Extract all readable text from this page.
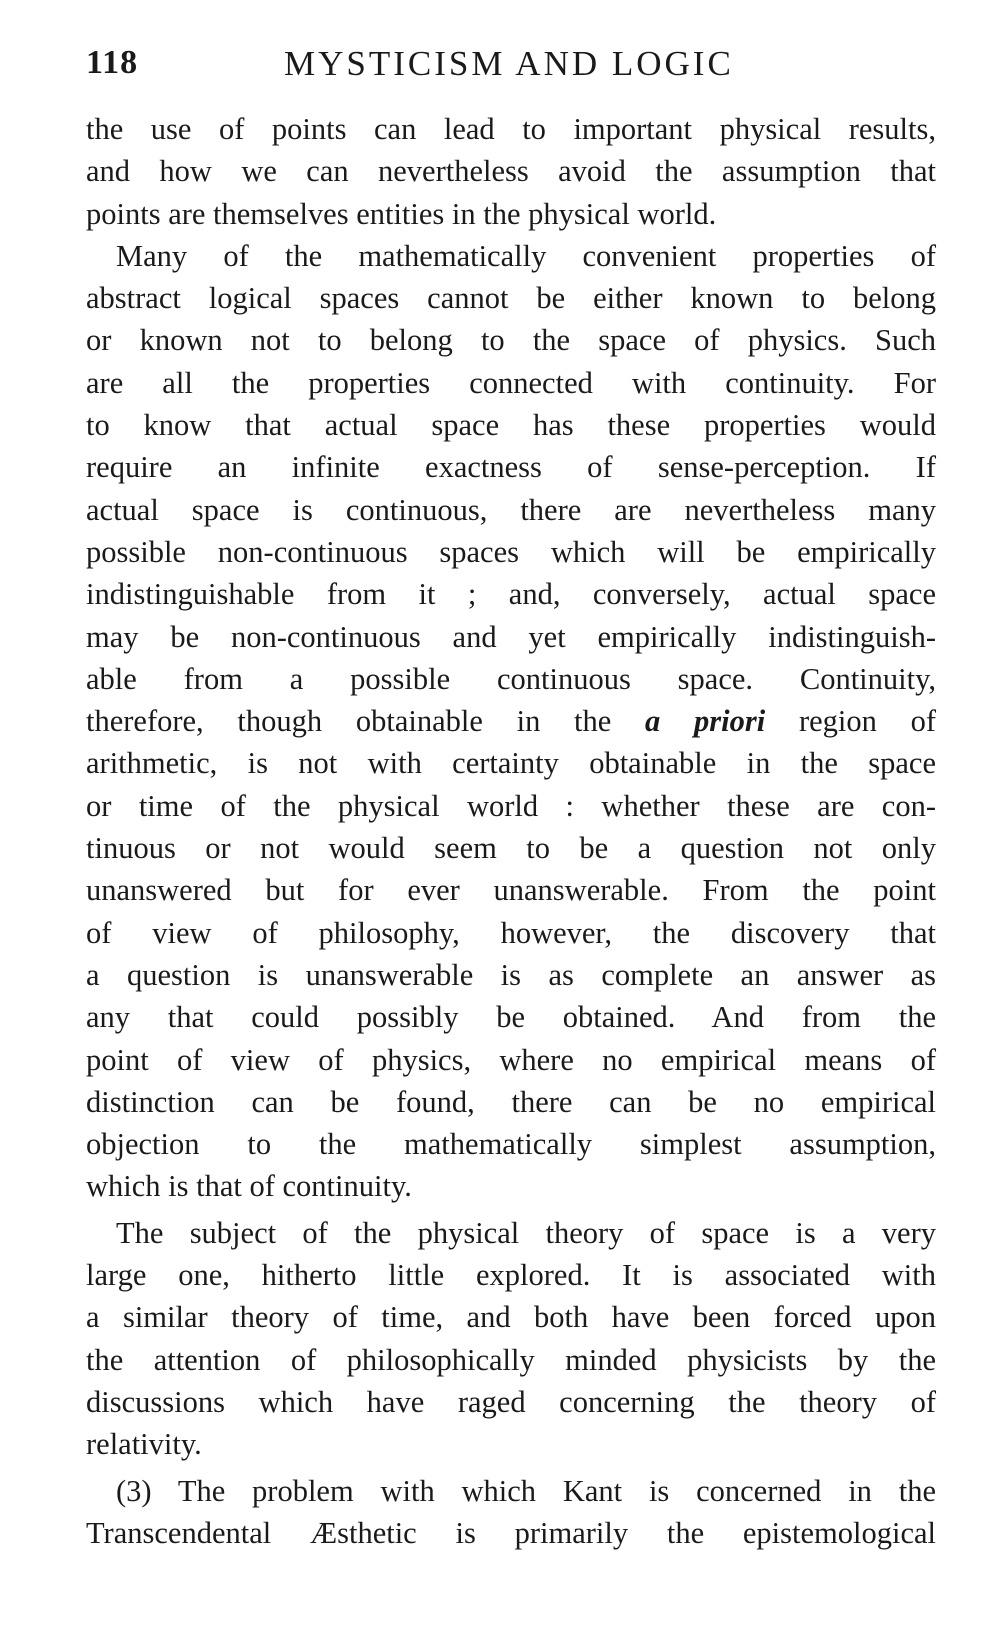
118	MYSTICISM AND LOGIC
the use of points can lead to important physical results,
and how we can nevertheless avoid the assumption that
points are themselves entities in the physical world.
Many of the mathematically convenient properties of
abstract logical spaces cannot be either known to belong
or known not to belong to the space of physics. Such
are all the properties connected with continuity. For
to know that actual space has these properties would
require an infinite exactness of sense-perception. If
actual space is continuous, there are nevertheless many
possible non-continuous spaces which will be empirically
indistinguishable from it ; and, conversely, actual space
may be non-continuous and yet empirically indistinguish-
able from a possible continuous space. Continuity,
therefore, though obtainable in the a priori region of
arithmetic, is not with certainty obtainable in the space
or time of the physical world : whether these are con-
tinuous or not would seem to be a question not only
unanswered but for ever unanswerable. From the point
of view of philosophy, however, the discovery that
a question is unanswerable is as complete an answer as
any that could possibly be obtained. And from the
point of view of physics, where no empirical means of
distinction can be found, there can be no empirical
objection to the mathematically simplest assumption,
which is that of continuity.
The subject of the physical theory of space is a very
large one, hitherto little explored. It is associated with
a similar theory of time, and both have been forced upon
the attention of philosophically minded physicists by the
discussions which have raged concerning the theory of
relativity.
(3) The problem with which Kant is concerned in the
Transcendental Æsthetic is primarily the epistemological
